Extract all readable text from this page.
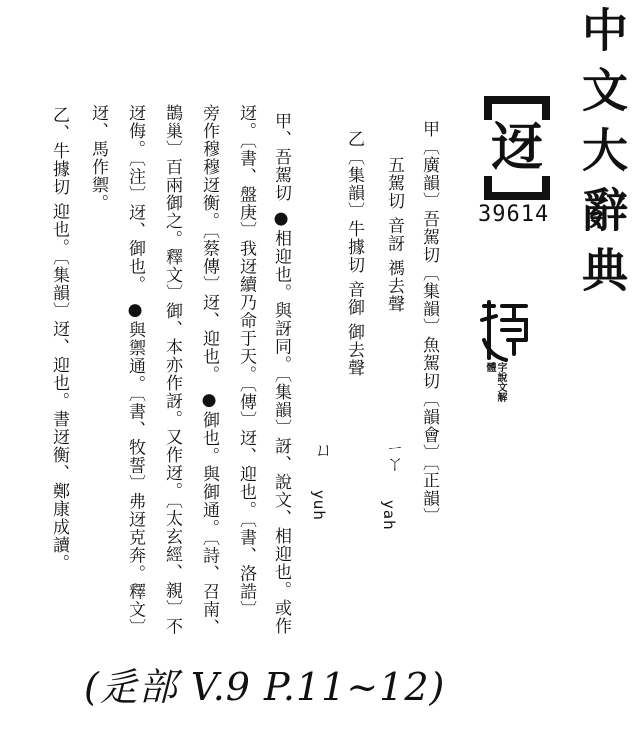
中文大辭典
迓
39614
字說文解
體
ㄧㄚ
yah
ㄩ
yuh	甲〔廣韻〕吾駕切〔集韻〕魚駕切〔韻會〕〔正韻〕
五駕切 音訝 禡去聲
乙〔集韻〕牛據切 音御 御去聲
甲、吾駕切 ●相迎也。與訝同。〔集韻〕訝、說文、相迎也。或作
迓。〔書、盤庚〕我迓續乃命于天。〔傳〕迓、迎也。〔書、洛誥〕
旁作穆穆迓衡。〔蔡傳〕迓、迎也。 ●御也。與御通。〔詩、召南、
鵲巢〕百兩御之。釋文〕御、本亦作訝。又作迓。〔太玄經、親〕不
迓侮。〔注〕迓、御也。 ●與禦通。〔書、牧誓〕弗迓克奔。釋文〕
迓、馬作禦。
乙、牛據切 迎也。〔集韻〕迓、迎也。書迓衡、鄭康成讀。
(辵部 V.9 P.11~12)
